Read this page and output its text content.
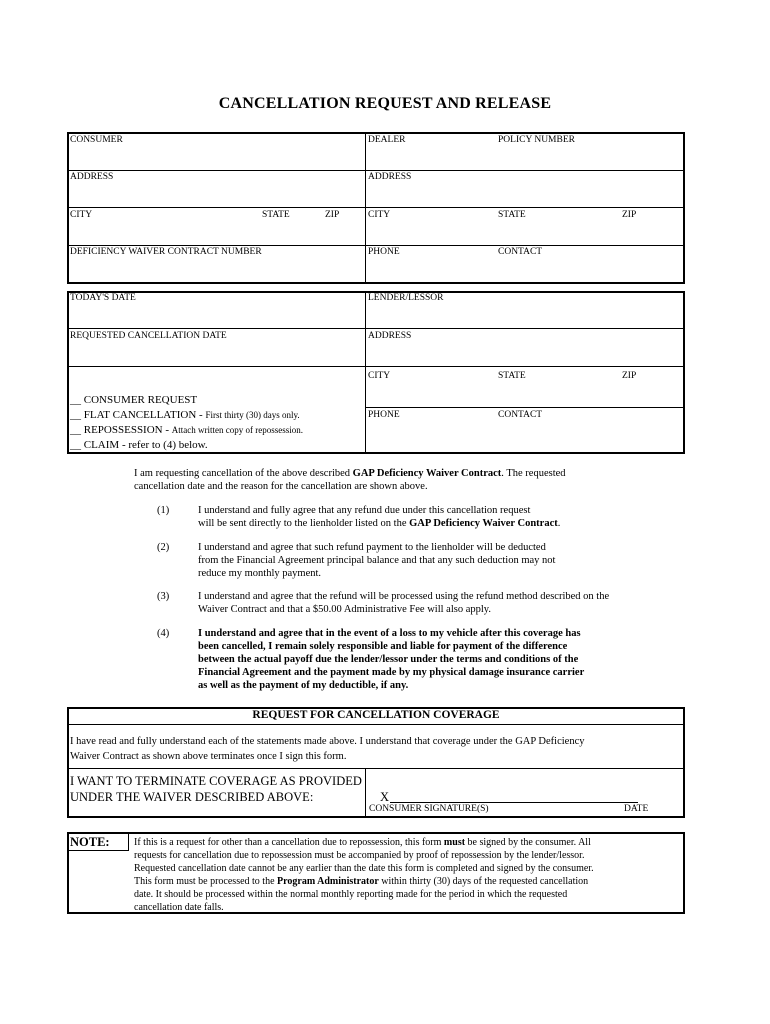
CANCELLATION REQUEST AND RELEASE
CONSUMER	DEALER	POLICY NUMBER
ADDRESS	ADDRESS
CITY	STATE	ZIP	CITY	STATE	ZIP
DEFICIENCY WAIVER CONTRACT NUMBER	PHONE	CONTACT
TODAY'S DATE	LENDER/LESSOR
REQUESTED CANCELLATION DATE	ADDRESS
CITY	STATE	ZIP
PHONE	CONTACT
__ CONSUMER REQUEST
__ FLAT CANCELLATION - First thirty (30) days only.
__ REPOSSESSION - Attach written copy of repossession.
__ CLAIM - refer to (4) below.
I am requesting cancellation of the above described GAP Deficiency Waiver Contract. The requested
cancellation date and the reason for the cancellation are shown above.
(1)	I understand and fully agree that any refund due under this cancellation request
will be sent directly to the lienholder listed on the GAP Deficiency Waiver Contract.
(2)	I understand and agree that such refund payment to the lienholder will be deducted
from the Financial Agreement principal balance and that any such deduction may not
reduce my monthly payment.
(3)	I understand and agree that the refund will be processed using the refund method described on the
Waiver Contract and that a $50.00 Administrative Fee will also apply.
(4)	I understand and agree that in the event of a loss to my vehicle after this coverage has
been cancelled, I remain solely responsible and liable for payment of the difference
between the actual payoff due the lender/lessor under the terms and conditions of the
Financial Agreement and the payment made by my physical damage insurance carrier
as well as the payment of my deductible, if any.
REQUEST FOR CANCELLATION COVERAGE
I have read and fully understand each of the statements made above. I understand that coverage under the GAP Deficiency
Waiver Contract as shown above terminates once I sign this form.
I WANT TO TERMINATE COVERAGE AS PROVIDED
UNDER THE WAIVER DESCRIBED ABOVE:	X
CONSUMER SIGNATURE(S)	DATE
NOTE: If this is a request for other than a cancellation due to repossession, this form must be signed by the consumer. All
requests for cancellation due to repossession must be accompanied by proof of repossession by the lender/lessor.
Requested cancellation date cannot be any earlier than the date this form is completed and signed by the consumer.
This form must be processed to the Program Administrator within thirty (30) days of the requested cancellation
date. It should be processed within the normal monthly reporting made for the period in which the requested
cancellation date falls.
